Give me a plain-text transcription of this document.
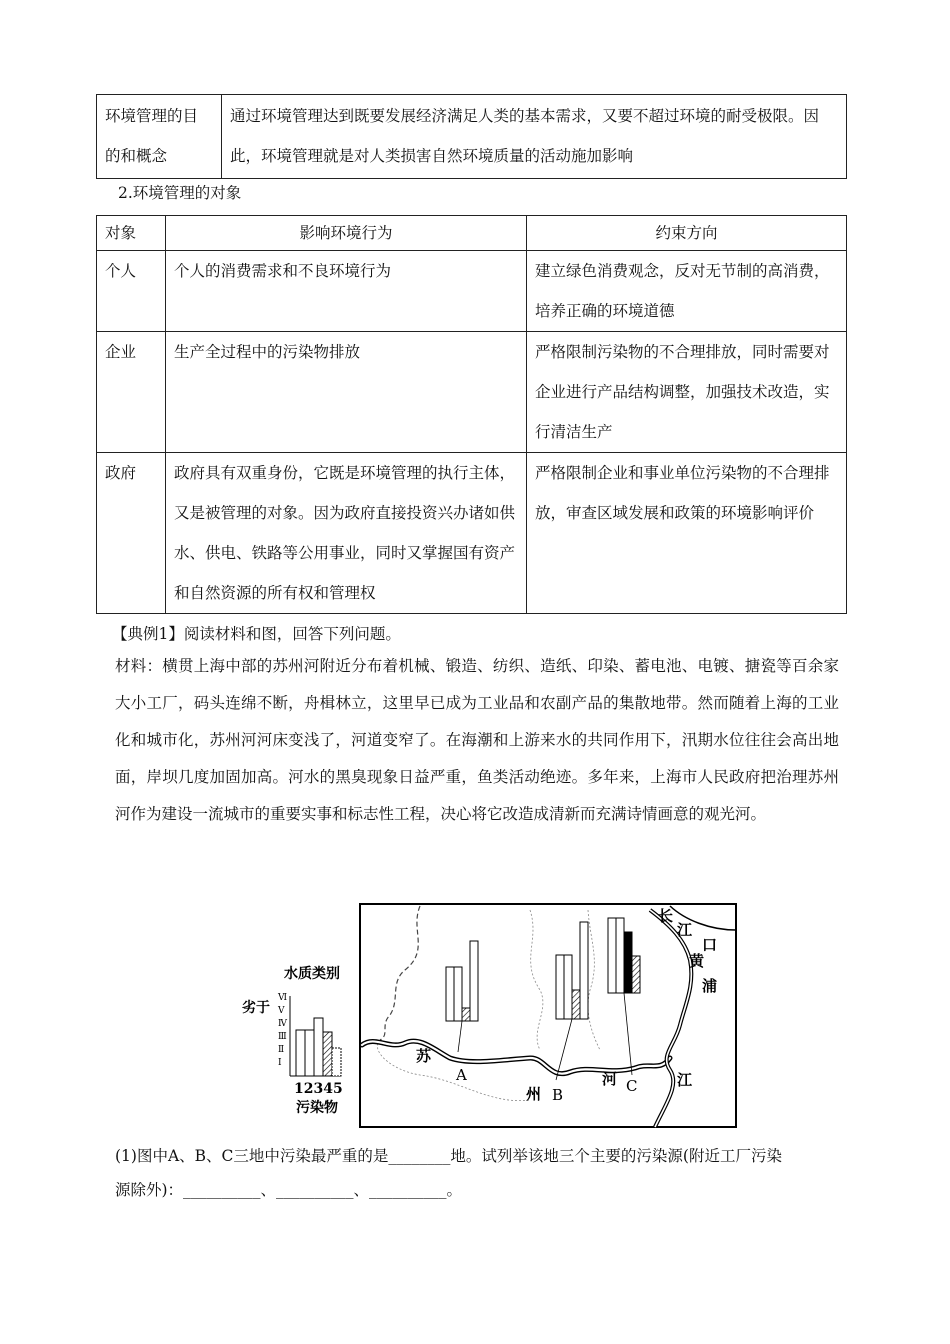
环境管理的目的和概念	通过环境管理达到既要发展经济满足人类的基本需求，又要不超过环境的耐受极限。因此，环境管理就是对人类损害自然环境质量的活动施加影响
2.环境管理的对象
对象	影响环境行为	约束方向
个人	个人的消费需求和不良环境行为	建立绿色消费观念，反对无节制的高消费，培养正确的环境道德
企业	生产全过程中的污染物排放	严格限制污染物的不合理排放，同时需要对企业进行产品结构调整，加强技术改造，实行清洁生产
政府	政府具有双重身份，它既是环境管理的执行主体，又是被管理的对象。因为政府直接投资兴办诸如供水、供电、铁路等公用事业，同时又掌握国有资产和自然资源的所有权和管理权	严格限制企业和事业单位污染物的不合理排放，审查区域发展和政策的环境影响评价
【典例1】阅读材料和图，回答下列问题。
材料：横贯上海中部的苏州河附近分布着机械、锻造、纺织、造纸、印染、蓄电池、电镀、搪瓷等百余家大小工厂，码头连绵不断，舟楫林立，这里早已成为工业品和农副产品的集散地带。然而随着上海的工业化和城市化，苏州河河床变浅了，河道变窄了。在海潮和上游来水的共同作用下，汛期水位往往会高出地面，岸坝几度加固加高。河水的黑臭现象日益严重，鱼类活动绝迹。多年来，上海市人民政府把治理苏州河作为建设一流城市的重要实事和标志性工程，决心将它改造成清新而充满诗情画意的观光河。
水质类别
劣于
Ⅵ
Ⅴ
Ⅳ
Ⅲ
Ⅱ
Ⅰ
12345
污染物
苏
A
州 B
河 C
长
江
口
黄
浦
江
(1)图中A、B、C三地中污染最严重的是________地。试列举该地三个主要的污染源(附近工厂污染
源除外)：__________、__________、__________。
